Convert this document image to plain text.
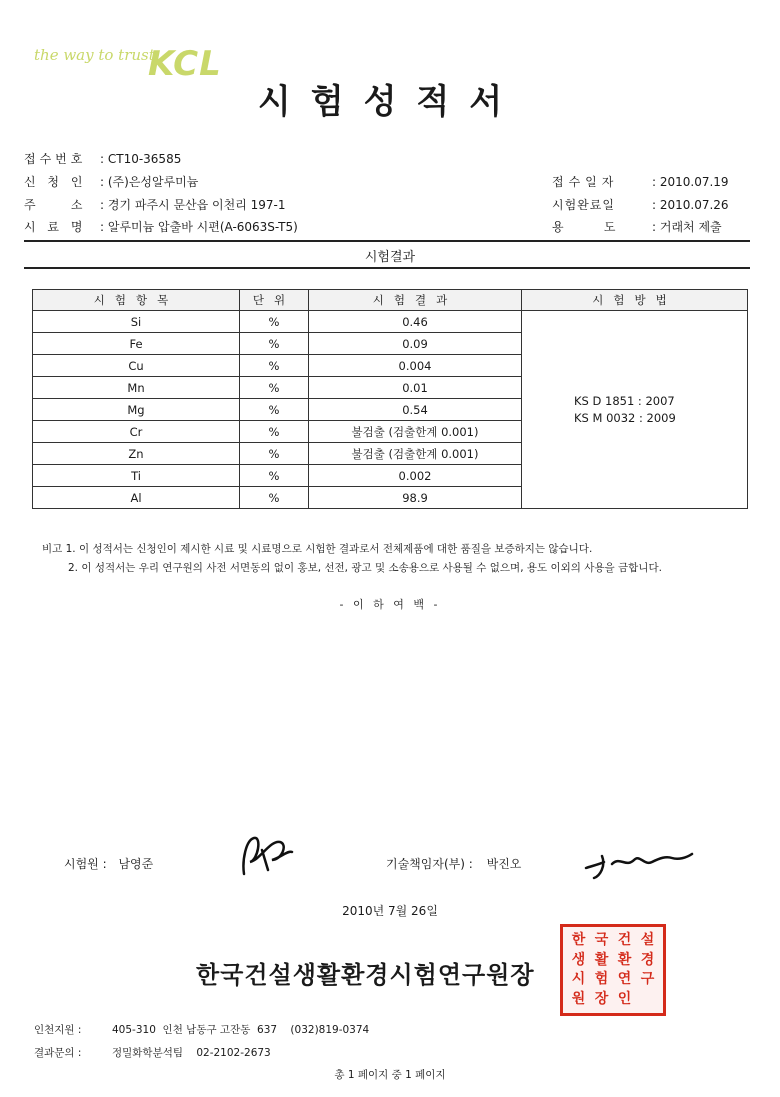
the way to trust
KCL
시험성적서
접수번호 : CT10-36585
신 청 인 : (주)은성알루미늄
주    소 : 경기 파주시 문산읍 이천리 197-1
시 료 명 : 알루미늄 압출바 시편(A-6063S-T5)
접수일자	: 2010.07.19
시험완료일	: 2010.07.26
용    도	: 거래처 제출
시험결과
시험항목	단위	시험결과	시험방법
Si	%	0.46	KS D 1851 : 2007
KS M 0032 : 2009

Fe	%	0.09	
Cu	%	0.004	
Mn	%	0.01	
Mg	%	0.54	
Cr	%	불검출 (검출한계 0.001)	
Zn	%	불검출 (검출한계 0.001)	
Ti	%	0.002	
Al	%	98.9	
비고 1. 이 성적서는 신청인이 제시한 시료 및 시료명으로 시험한 결과로서 전체제품에 대한 품질을 보증하지는 않습니다.
2. 이 성적서는 우리 연구원의 사전 서면동의 없이 홍보, 선전, 광고 및 소송용으로 사용될 수 없으며, 용도 이외의 사용을 금합니다.
- 이 하 여 백 -
시험원 : 남영준	기술책임자(부) : 박진오
2010년 7월 26일
한국건설생활환경시험연구원장
한 국 건 설
생 활 환 경
시 험 연 구
원 장 인
인천지원 :	405-310  인천 남동구 고잔동  637    (032)819-0374
결과문의 :	정밀화학분석팀    02-2102-2673
총 1 페이지 중 1 페이지
